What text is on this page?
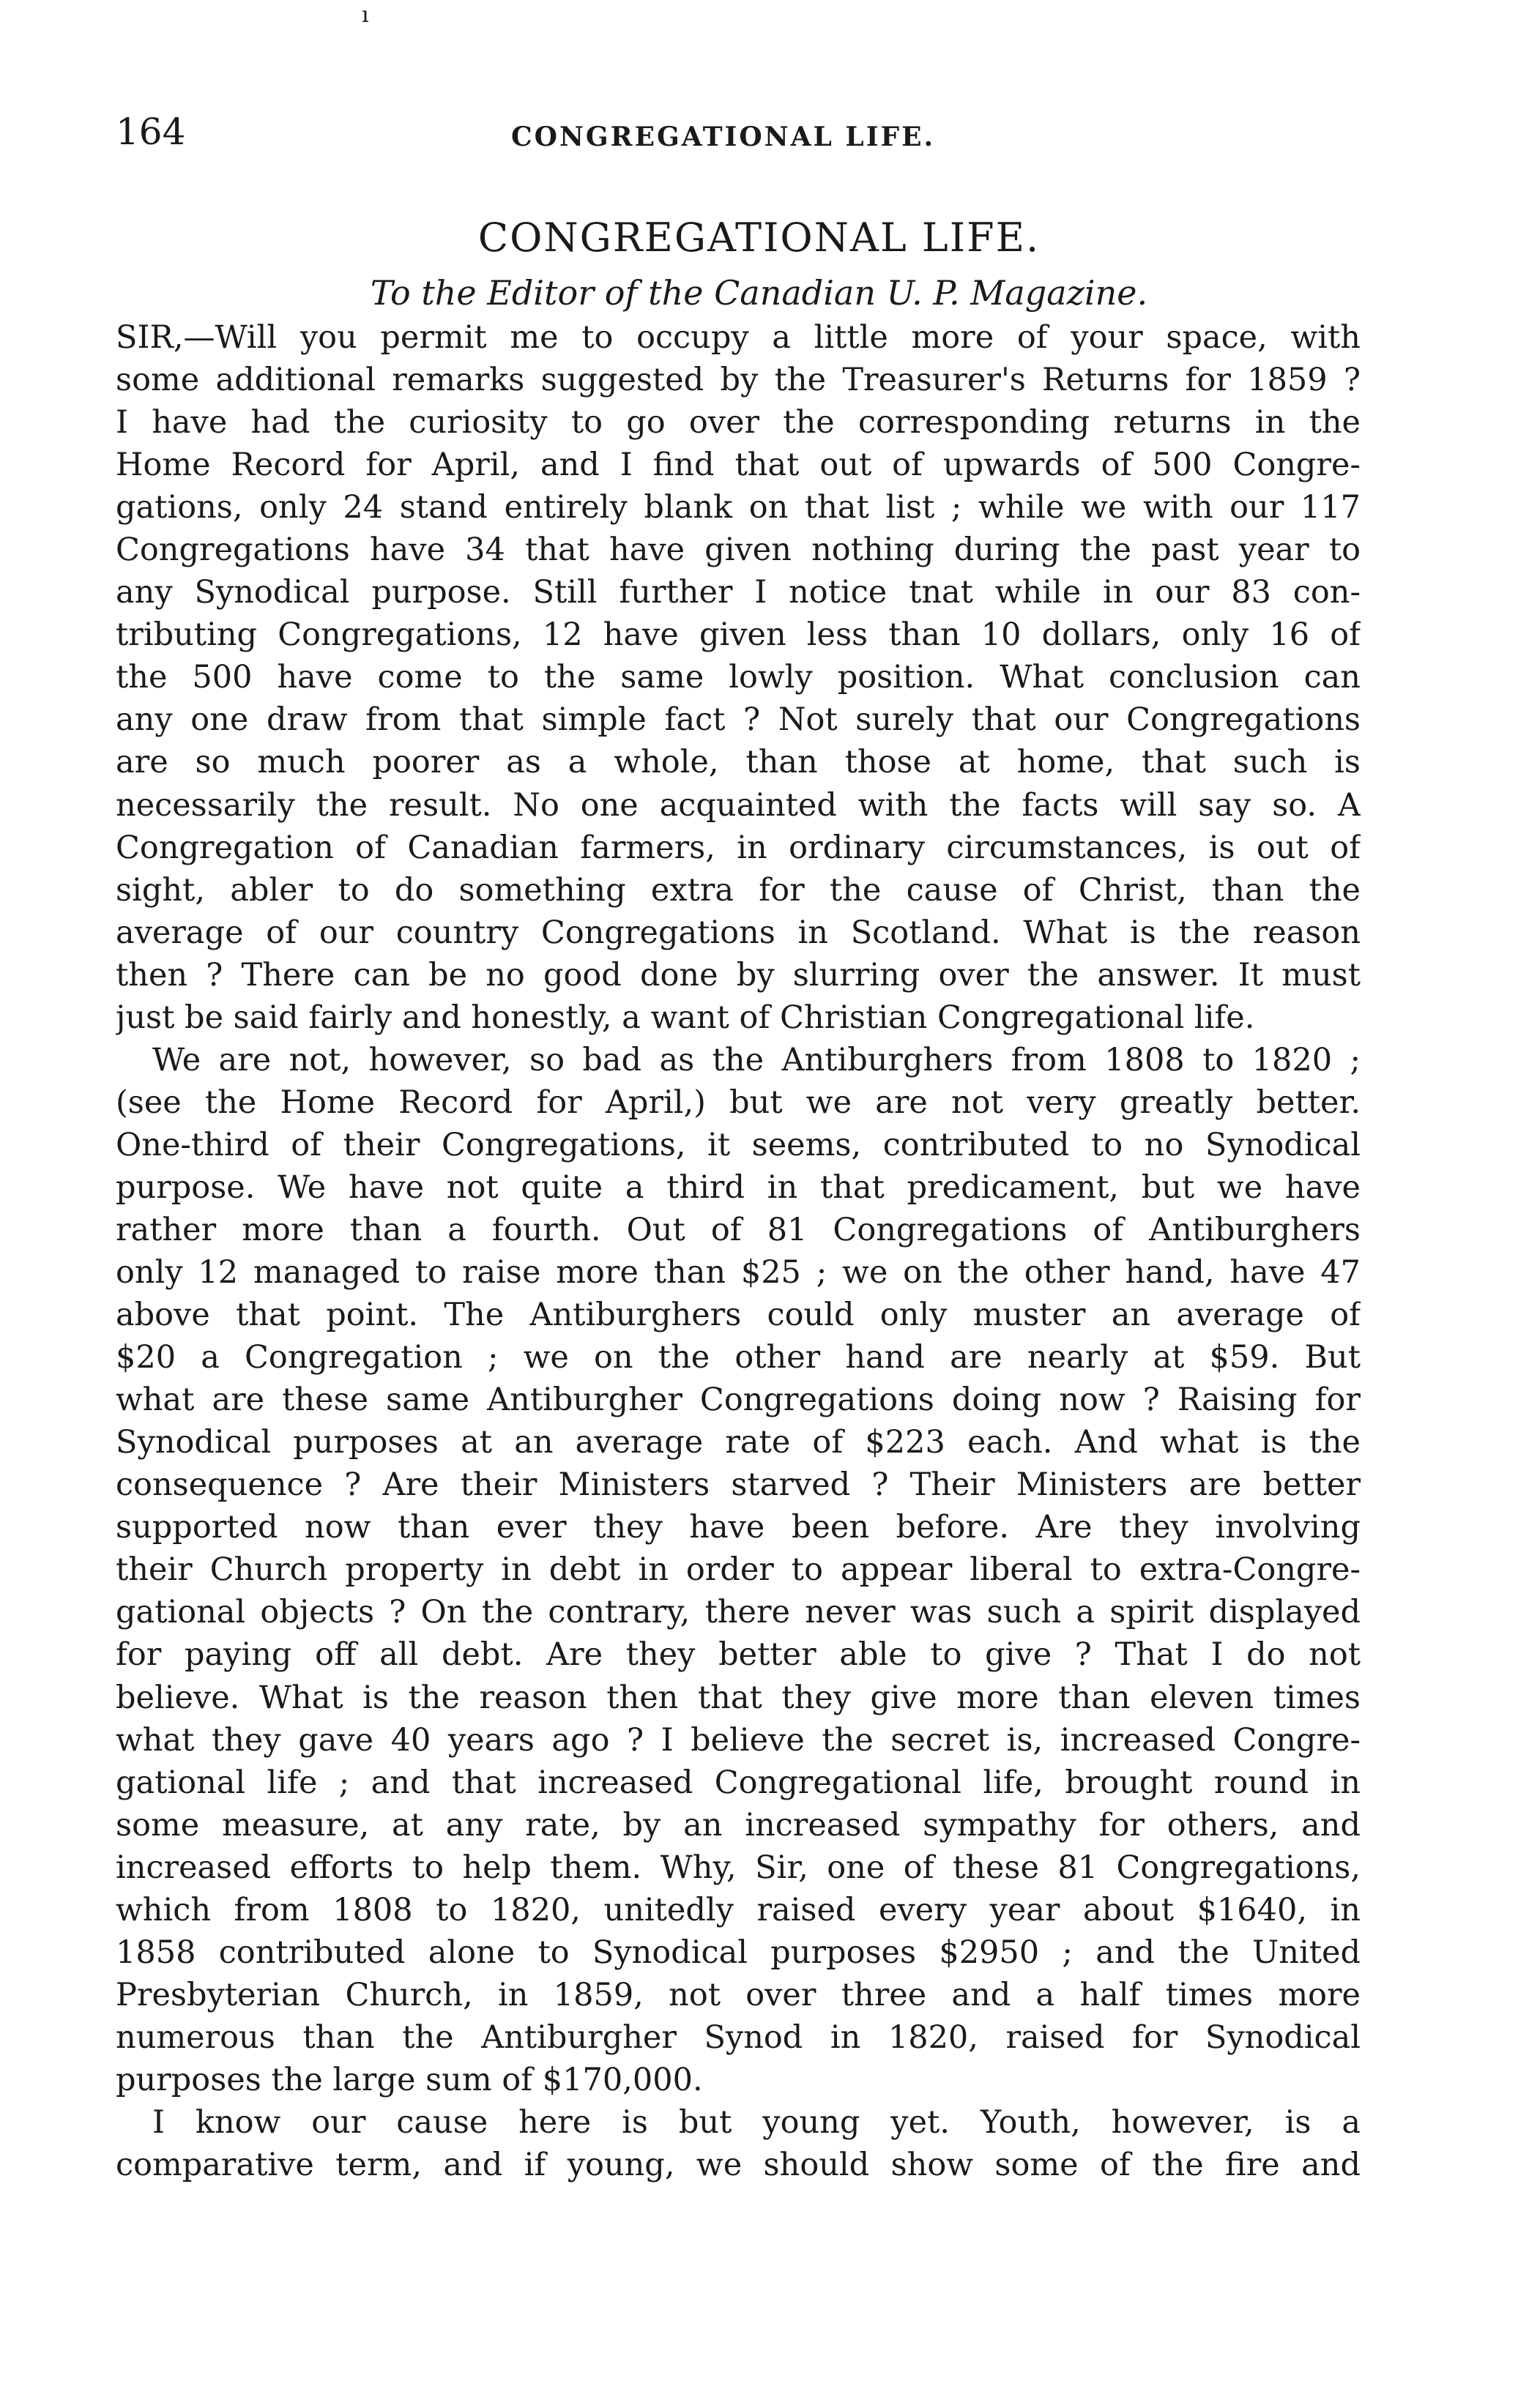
ı
164	CONGREGATIONAL LIFE.
CONGREGATIONAL LIFE.
To the Editor of the Canadian U. P. Magazine.
SIR,—Will you permit me to occupy a little more of your space, with
some additional remarks suggested by the Treasurer's Returns for 1859 ?
I have had the curiosity to go over the corresponding returns in the
Home Record for April, and I find that out of upwards of 500 Congre-
gations, only 24 stand entirely blank on that list ; while we with our 117
Congregations have 34 that have given nothing during the past year to
any Synodical purpose. Still further I notice tnat while in our 83 con-
tributing Congregations, 12 have given less than 10 dollars, only 16 of
the 500 have come to the same lowly position. What conclusion can
any one draw from that simple fact ? Not surely that our Congregations
are so much poorer as a whole, than those at home, that such is
necessarily the result. No one acquainted with the facts will say so. A
Congregation of Canadian farmers, in ordinary circumstances, is out of
sight, abler to do something extra for the cause of Christ, than the
average of our country Congregations in Scotland. What is the reason
then ? There can be no good done by slurring over the answer. It must
just be said fairly and honestly, a want of Christian Congregational life.
We are not, however, so bad as the Antiburghers from 1808 to 1820 ;
(see the Home Record for April,) but we are not very greatly better.
One-third of their Congregations, it seems, contributed to no Synodical
purpose. We have not quite a third in that predicament, but we have
rather more than a fourth. Out of 81 Congregations of Antiburghers
only 12 managed to raise more than $25 ; we on the other hand, have 47
above that point. The Antiburghers could only muster an average of
$20 a Congregation ; we on the other hand are nearly at $59. But
what are these same Antiburgher Congregations doing now ? Raising for
Synodical purposes at an average rate of $223 each. And what is the
consequence ? Are their Ministers starved ? Their Ministers are better
supported now than ever they have been before. Are they involving
their Church property in debt in order to appear liberal to extra-Congre-
gational objects ? On the contrary, there never was such a spirit displayed
for paying off all debt. Are they better able to give ? That I do not
believe. What is the reason then that they give more than eleven times
what they gave 40 years ago ? I believe the secret is, increased Congre-
gational life ; and that increased Congregational life, brought round in
some measure, at any rate, by an increased sympathy for others, and
increased efforts to help them. Why, Sir, one of these 81 Congregations,
which from 1808 to 1820, unitedly raised every year about $1640, in
1858 contributed alone to Synodical purposes $2950 ; and the United
Presbyterian Church, in 1859, not over three and a half times more
numerous than the Antiburgher Synod in 1820, raised for Synodical
purposes the large sum of $170,000.
I know our cause here is but young yet. Youth, however, is a
comparative term, and if young, we should show some of the fire and
